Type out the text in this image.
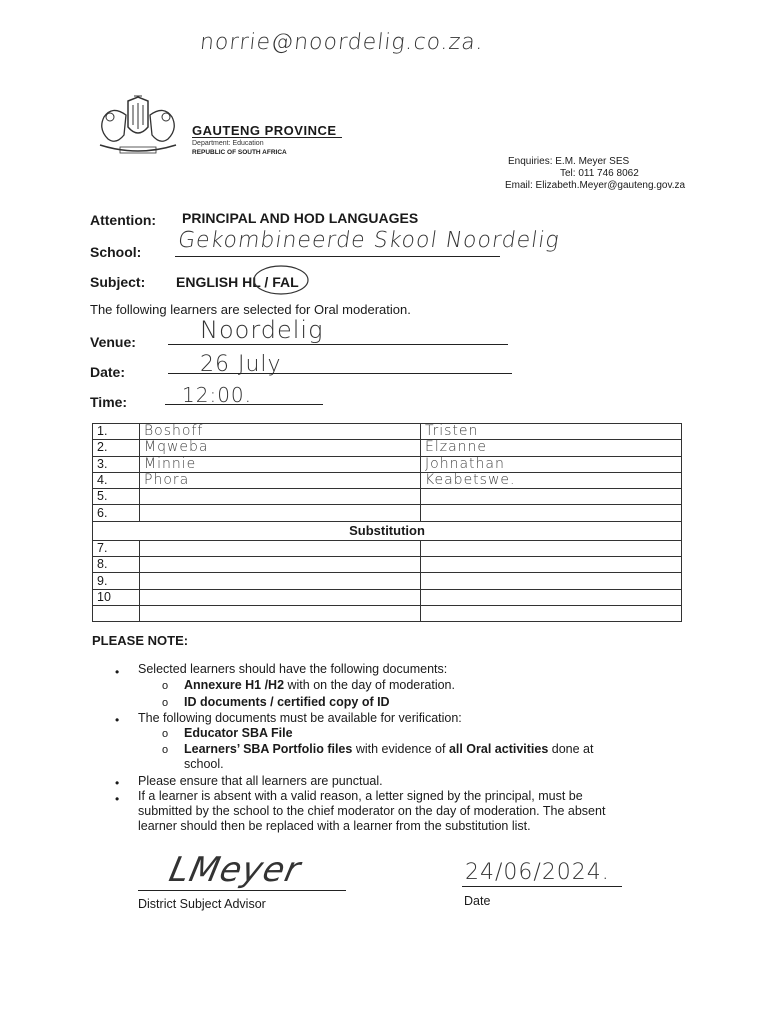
norrie@noordelig.co.za.
GAUTENG PROVINCE
Department: Education
REPUBLIC OF SOUTH AFRICA
Enquiries: E.M. Meyer SES
Tel: 011 746 8062
Email: Elizabeth.Meyer@gauteng.gov.za
Attention: PRINCIPAL AND HOD LANGUAGES
School: Gekombineerde Skool Noordelig
Subject: ENGLISH HL / FAL
The following learners are selected for Oral moderation.
Venue:	Noordelig
Date:	26 July
Time:	12:00.
1.	Boshoff	Tristen
2.	Mqweba	Elzanne
3.	Minnie	Johnathan
4.	Phora	Keabetswe.
5.		
6.		
Substitution		
7.		
8.		
9.		
10		

PLEASE NOTE:
• Selected learners should have the following documents:
o Annexure H1 /H2 with on the day of moderation.
o ID documents / certified copy of ID
• The following documents must be available for verification:
o Educator SBA File
o Learners’ SBA Portfolio files with evidence of all Oral activities done at
school.
• Please ensure that all learners are punctual.
• If a learner is absent with a valid reason, a letter signed by the principal, must be
submitted by the school to the chief moderator on the day of moderation. The absent
learner should then be replaced with a learner from the substitution list.
LMeyer
District Subject Advisor
24/06/2024.
Date
